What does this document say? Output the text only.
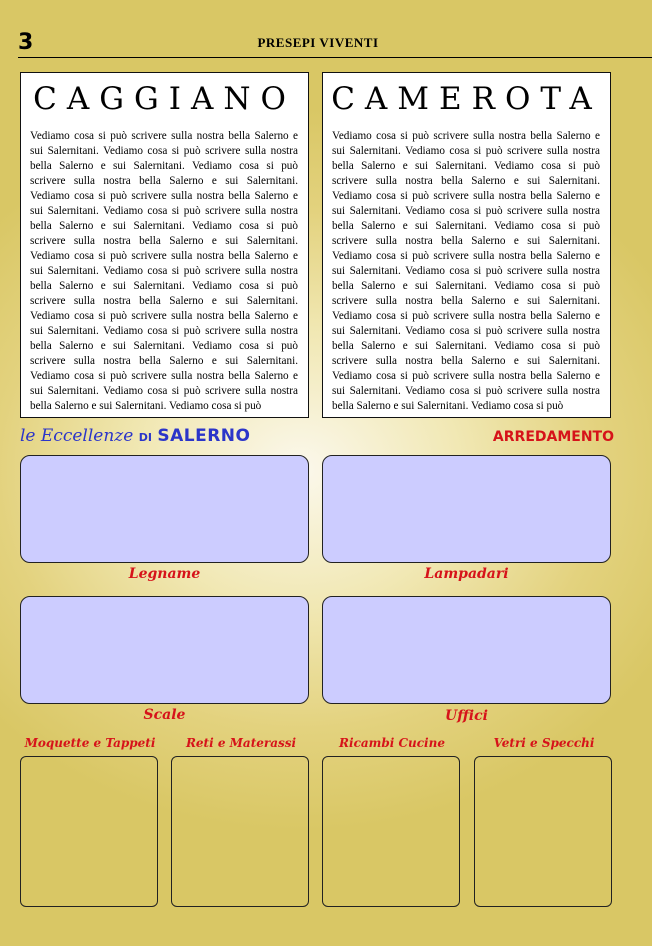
3	PRESEPI VIVENTI
CAGGIANO
Vediamo cosa si può scrivere sulla nostra bella Salerno e sui Salernitani. Vediamo cosa si può scrivere sulla nostra bella Salerno e sui Salernitani. Vediamo cosa si può scrivere sulla nostra bella Salerno e sui Salernitani. Vediamo cosa si può scrivere sulla nostra bella Salerno e sui Salernitani. Vediamo cosa si può scrivere sulla nostra bella Salerno e sui Salernitani. Vediamo cosa si può scrivere sulla nostra bella Salerno e sui Salernitani. Vediamo cosa si può scrivere sulla nostra bella Salerno e sui Salernitani. Vediamo cosa si può scrivere sulla nostra bella Salerno e sui Salernitani. Vediamo cosa si può scrivere sulla nostra bella Salerno e sui Salernitani. Vediamo cosa si può scrivere sulla nostra bella Salerno e sui Salernitani. Vediamo cosa si può scrivere sulla nostra bella Salerno e sui Salernitani. Vediamo cosa si può scrivere sulla nostra bella Salerno e sui Salernitani. Vediamo cosa si può scrivere sulla nostra bella Salerno e sui Salernitani. Vediamo cosa si può scrivere sulla nostra bella Salerno e sui Salernitani. Vediamo cosa si può
CAMEROTA
Vediamo cosa si può scrivere sulla nostra bella Salerno e sui Salernitani. Vediamo cosa si può scrivere sulla nostra bella Salerno e sui Salernitani. Vediamo cosa si può scrivere sulla nostra bella Salerno e sui Salernitani. Vediamo cosa si può scrivere sulla nostra bella Salerno e sui Salernitani. Vediamo cosa si può scrivere sulla nostra bella Salerno e sui Salernitani. Vediamo cosa si può scrivere sulla nostra bella Salerno e sui Salernitani. Vediamo cosa si può scrivere sulla nostra bella Salerno e sui Salernitani. Vediamo cosa si può scrivere sulla nostra bella Salerno e sui Salernitani. Vediamo cosa si può scrivere sulla nostra bella Salerno e sui Salernitani. Vediamo cosa si può scrivere sulla nostra bella Salerno e sui Salernitani. Vediamo cosa si può scrivere sulla nostra bella Salerno e sui Salernitani. Vediamo cosa si può scrivere sulla nostra bella Salerno e sui Salernitani. Vediamo cosa si può scrivere sulla nostra bella Salerno e sui Salernitani. Vediamo cosa si può scrivere sulla nostra bella Salerno e sui Salernitani. Vediamo cosa si può
le Eccellenze DI SALERNO	ARREDAMENTO
Legname	Lampadari
Scale	Uffici
Moquette e Tappeti	Reti e Materassi	Ricambi Cucine	Vetri e Specchi
